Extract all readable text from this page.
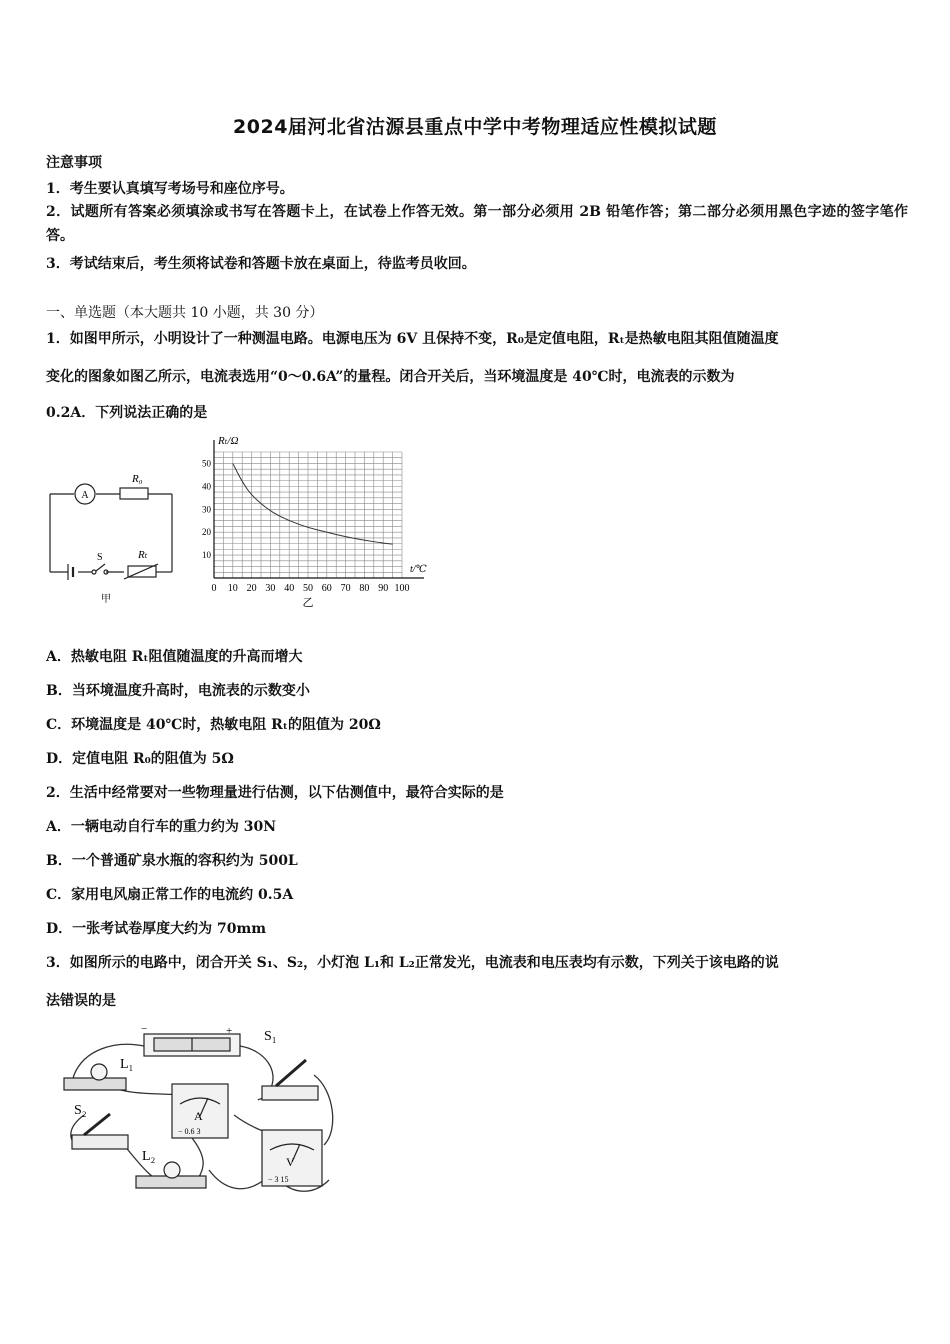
2024届河北省沽源县重点中学中考物理适应性模拟试题
注意事项
1．考生要认真填写考场号和座位序号。
2．试题所有答案必须填涂或书写在答题卡上，在试卷上作答无效。第一部分必须用 2B 铅笔作答；第二部分必须用黑色字迹的签字笔作答。
3．考试结束后，考生须将试卷和答题卡放在桌面上，待监考员收回。
一、单选题（本大题共 10 小题，共 30 分）
1．如图甲所示，小明设计了一种测温电路。电源电压为 6V 且保持不变，R₀是定值电阻，Rₜ是热敏电阻其阻值随温度
变化的图象如图乙所示，电流表选用“0～0.6A”的量程。闭合开关后，当环境温度是 40℃时，电流表的示数为
0.2A．下列说法正确的是
A
R₀
S	Rₜ
甲
0 10 20 30 40 50 60 70 80 90 100
10
20
30
40
50
Rₜ/Ω
t/℃
乙
A．热敏电阻 Rₜ阻值随温度的升高而增大
B．当环境温度升高时，电流表的示数变小
C．环境温度是 40℃时，热敏电阻 Rₜ的阻值为 20Ω
D．定值电阻 R₀的阻值为 5Ω
2．生活中经常要对一些物理量进行估测，以下估测值中，最符合实际的是
A．一辆电动自行车的重力约为 30N
B．一个普通矿泉水瓶的容积约为 500L
C．家用电风扇正常工作的电流约 0.5A
D．一张考试卷厚度大约为 70mm
3．如图所示的电路中，闭合开关 S₁、S₂，小灯泡 L₁和 L₂正常发光，电流表和电压表均有示数，下列关于该电路的说
法错误的是
−	+ S₁
L₁
S₂
L₂
A
− 0.6 3
V
− 3 15
